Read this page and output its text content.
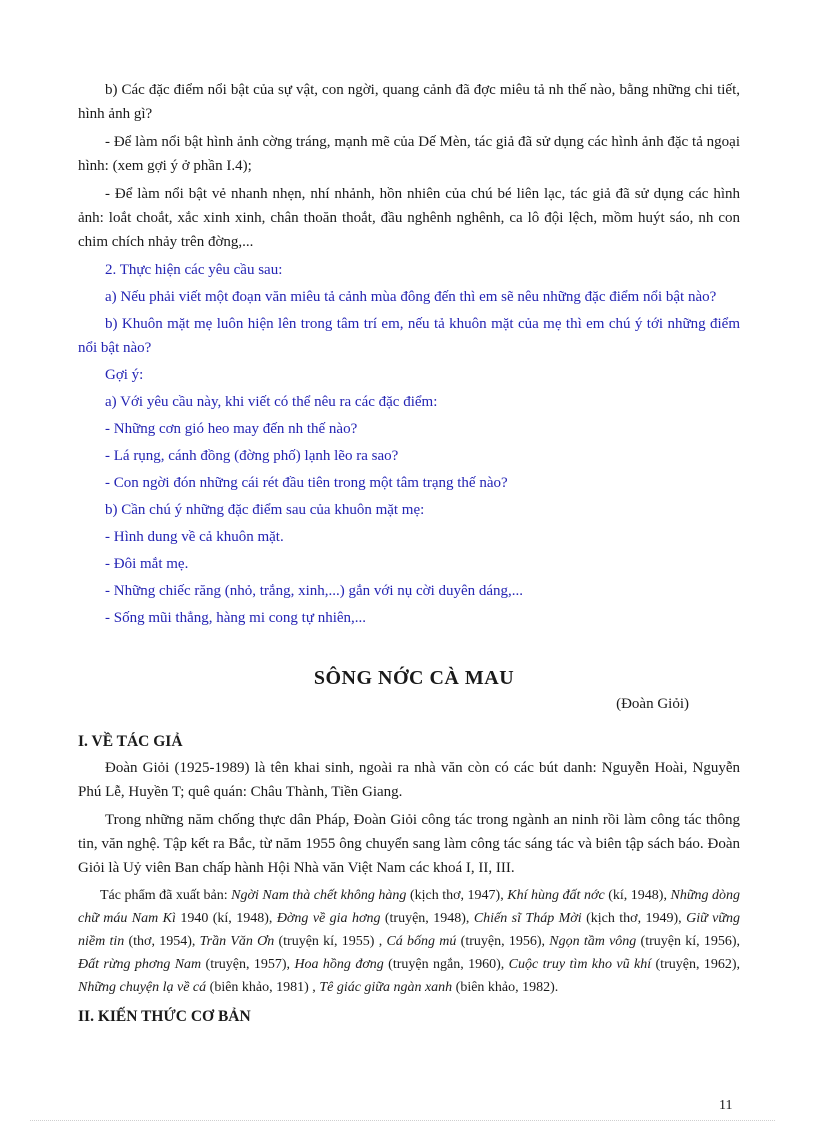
b) Các đặc điểm nổi bật của sự vật, con ngời, quang cảnh đã đợc miêu tả nh thế nào, bằng những chi tiết, hình ảnh gì?

- Để làm nổi bật hình ảnh cờng tráng, mạnh mẽ của Dế Mèn, tác giả đã sử dụng các hình ảnh đặc tả ngoại hình: (xem gợi ý ở phần I.4);

- Để làm nổi bật vẻ nhanh nhẹn, nhí nhảnh, hồn nhiên của chú bé liên lạc, tác giả đã sử dụng các hình ảnh: loắt choắt, xắc xinh xinh, chân thoăn thoắt, đầu nghênh nghênh, ca lô đội lệch, mồm huýt sáo, nh con chim chích nhảy trên đờng,...

2. Thực hiện các yêu cầu sau:

a) Nếu phải viết một đoạn văn miêu tả cảnh mùa đông đến thì em sẽ nêu những đặc điểm nổi bật nào?

b) Khuôn mặt mẹ luôn hiện lên trong tâm trí em, nếu tả khuôn mặt của mẹ thì em chú ý tới những điểm nổi bật nào?

Gợi ý:

a) Với yêu cầu này, khi viết có thể nêu ra các đặc điểm:

- Những cơn gió heo may đến nh thế nào?

- Lá rụng, cánh đồng (đờng phố) lạnh lẽo ra sao?

- Con ngời đón những cái rét đầu tiên trong một tâm trạng thế nào?

b) Cần chú ý những đặc điểm sau của khuôn mặt mẹ:

- Hình dung về cả khuôn mặt.

- Đôi mắt mẹ.

- Những chiếc răng (nhỏ, trắng, xinh,...) gắn với nụ cời duyên dáng,...

- Sống mũi thẳng, hàng mi cong tự nhiên,...

SÔNG NỚC CÀ MAU
(Đoàn Giỏi)
I. VỀ TÁC GIẢ

Đoàn Giỏi (1925-1989) là tên khai sinh, ngoài ra nhà văn còn có các bút danh: Nguyễn Hoài, Nguyễn Phú Lễ, Huyền T; quê quán: Châu Thành, Tiền Giang.

Trong những năm chống thực dân Pháp, Đoàn Giỏi công tác trong ngành an ninh rồi làm công tác thông tin, văn nghệ. Tập kết ra Bắc, từ năm 1955 ông chuyển sang làm công tác sáng tác và biên tập sách báo. Đoàn Giỏi là Uỷ viên Ban chấp hành Hội Nhà văn Việt Nam các khoá I, II, III.

Tác phẩm đã xuất bản: Ngời Nam thà chết không hàng (kịch thơ, 1947), Khí hùng đất nớc (kí, 1948), Những dòng chữ máu Nam Kì 1940 (kí, 1948), Đờng về gia hơng (truyện, 1948), Chiến sĩ Tháp Mời (kịch thơ, 1949), Giữ vững niềm tin (thơ, 1954), Trần Văn Ơn (truyện kí, 1955) , Cá bống mú (truyện, 1956), Ngọn tầm vông (truyện kí, 1956), Đất rừng phơng Nam (truyện, 1957), Hoa hồng đơng (truyện ngắn, 1960), Cuộc truy tìm kho vũ khí (truyện, 1962), Những chuyện lạ về cá (biên khảo, 1981) , Tê giác giữa ngàn xanh (biên khảo, 1982).

II. KIẾN THỨC CƠ BẢN
11
